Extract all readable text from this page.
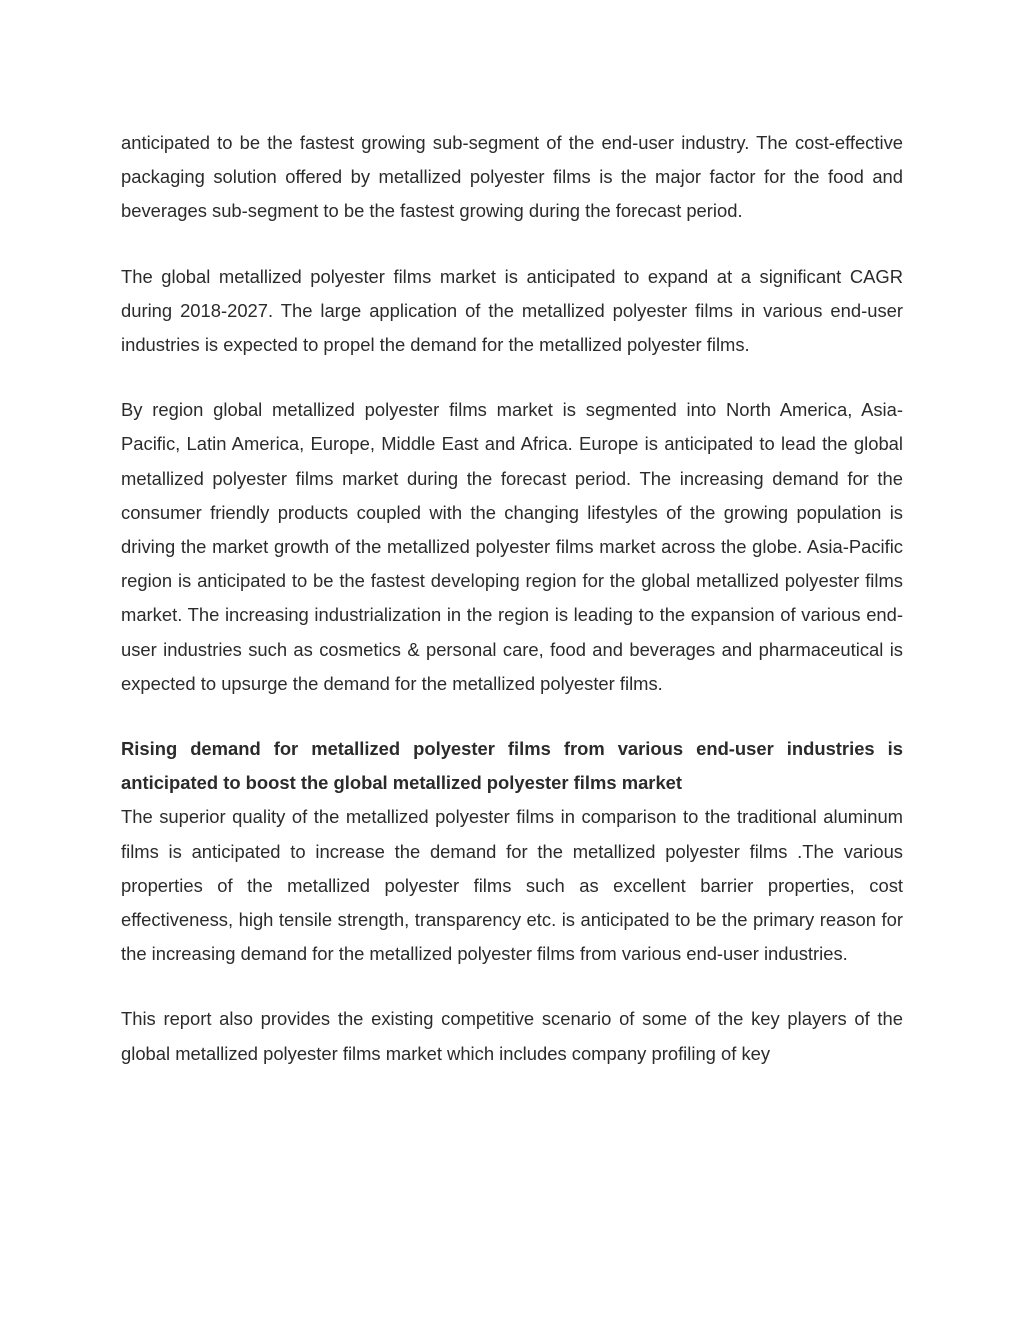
anticipated to be the fastest growing sub-segment of the end-user industry. The cost-effective packaging solution offered by metallized polyester films is the major factor for the food and beverages sub-segment to be the fastest growing during the forecast period.

The global metallized polyester films market is anticipated to expand at a significant CAGR during 2018-2027. The large application of the metallized polyester films in various end-user industries is expected to propel the demand for the metallized polyester films.

By region global metallized polyester films market is segmented into North America, Asia-Pacific, Latin America, Europe, Middle East and Africa. Europe is anticipated to lead the global metallized polyester films market during the forecast period. The increasing demand for the consumer friendly products coupled with the changing lifestyles of the growing population is driving the market growth of the metallized polyester films market across the globe. Asia-Pacific region is anticipated to be the fastest developing region for the global metallized polyester films market. The increasing industrialization in the region is leading to the expansion of various end-user industries such as cosmetics & personal care, food and beverages and pharmaceutical is expected to upsurge the demand for the metallized polyester films.

Rising demand for metallized polyester films from various end-user industries is anticipated to boost the global metallized polyester films market

The superior quality of the metallized polyester films in comparison to the traditional aluminum films is anticipated to increase the demand for the metallized polyester films .The various properties of the metallized polyester films such as excellent barrier properties, cost effectiveness, high tensile strength, transparency etc. is anticipated to be the primary reason for the increasing demand for the metallized polyester films from various end-user industries.

This report also provides the existing competitive scenario of some of the key players of the global metallized polyester films market which includes company profiling of key
